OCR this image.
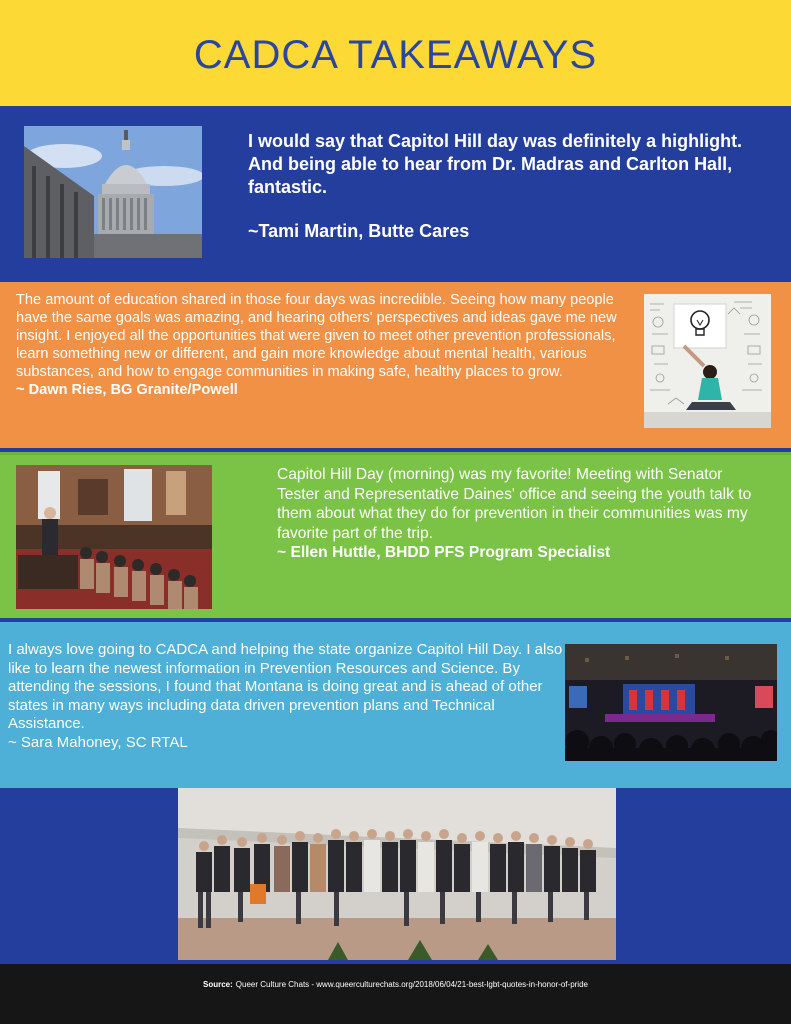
CADCA TAKEAWAYS
I would say that Capitol Hill day was definitely a highlight. And being able to hear from Dr. Madras and Carlton Hall, fantastic.
~Tami Martin, Butte Cares
The amount of education shared in those four days was incredible. Seeing how many people have the same goals was amazing, and hearing others' perspectives and ideas gave me new insight. I enjoyed all the opportunities that were given to meet other prevention professionals, learn something new or different, and gain more knowledge about mental health, various substances, and how to engage communities in making safe, healthy places to grow.
~ Dawn Ries, BG Granite/Powell
Capitol Hill Day (morning) was my favorite! Meeting with Senator Tester and Representative Daines' office and seeing the youth talk to them about what they do for prevention in their communities was my favorite part of the trip.
~ Ellen Huttle, BHDD PFS Program Specialist
I always love going to CADCA and helping the state organize Capitol Hill Day. I also like to learn the newest information in Prevention Resources and Science. By attending the sessions, I found that Montana is doing great and is ahead of other states in many ways including data driven prevention plans and Technical Assistance.
~ Sara Mahoney, SC RTAL
Source: Queer Culture Chats - www.queerculturechats.org/2018/06/04/21-best-lgbt-quotes-in-honor-of-pride
